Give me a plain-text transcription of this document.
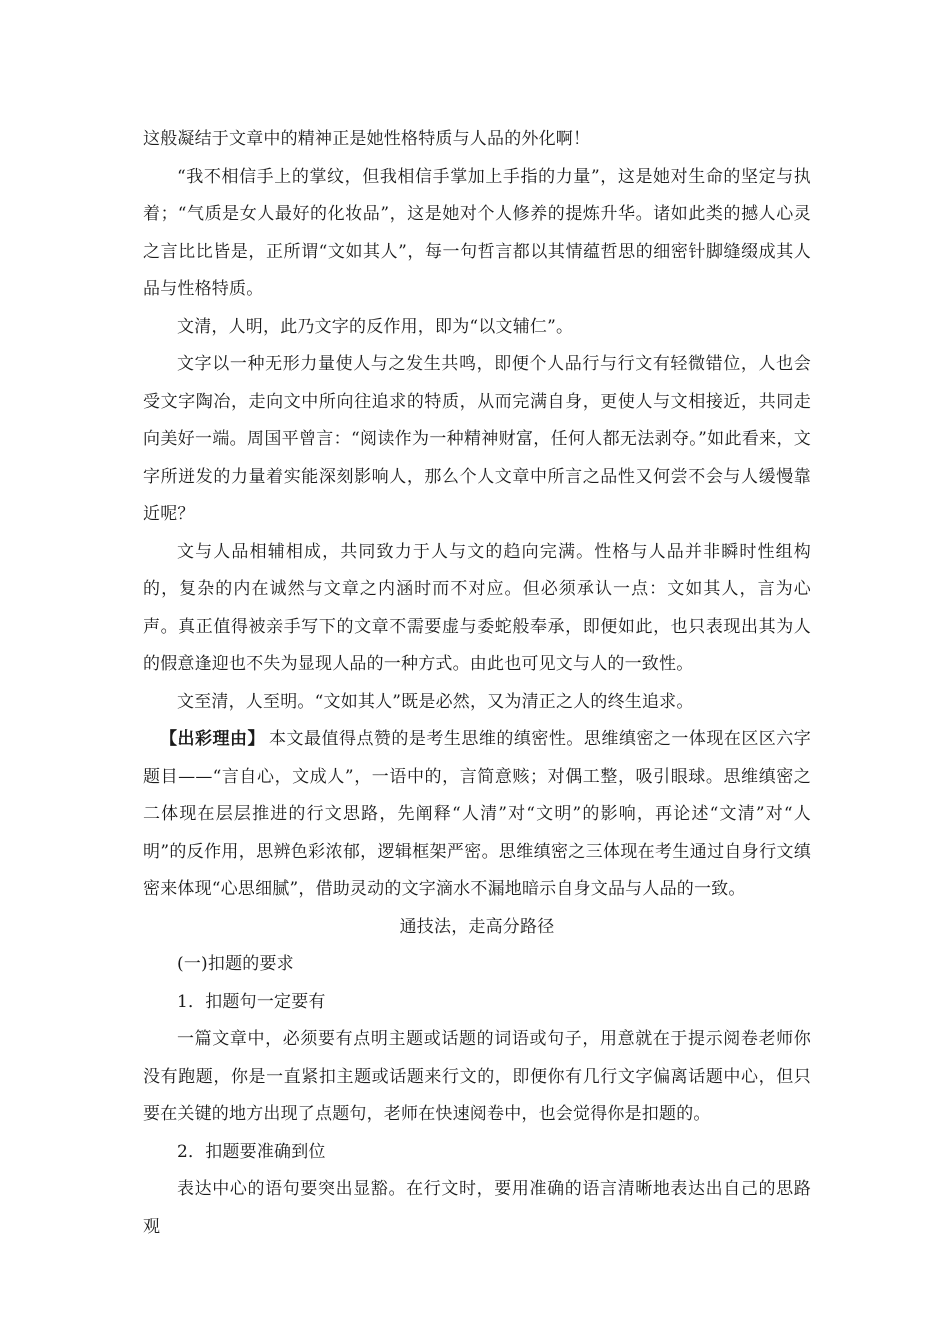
这般凝结于文章中的精神正是她性格特质与人品的外化啊！

“我不相信手上的掌纹，但我相信手掌加上手指的力量”，这是她对生命的坚定与执着；“气质是女人最好的化妆品”，这是她对个人修养的提炼升华。诸如此类的撼人心灵之言比比皆是，正所谓“文如其人”，每一句哲言都以其情蕴哲思的细密针脚缝缀成其人品与性格特质。

文清，人明，此乃文字的反作用，即为“以文辅仁”。

文字以一种无形力量使人与之发生共鸣，即便个人品行与行文有轻微错位，人也会受文字陶冶，走向文中所向往追求的特质，从而完满自身，更使人与文相接近，共同走向美好一端。周国平曾言：“阅读作为一种精神财富，任何人都无法剥夺。”如此看来，文字所迸发的力量着实能深刻影响人，那么个人文章中所言之品性又何尝不会与人缓慢靠近呢？

文与人品相辅相成，共同致力于人与文的趋向完满。性格与人品并非瞬时性组构的，复杂的内在诚然与文章之内涵时而不对应。但必须承认一点：文如其人，言为心声。真正值得被亲手写下的文章不需要虚与委蛇般奉承，即便如此，也只表现出其为人的假意逢迎也不失为显现人品的一种方式。由此也可见文与人的一致性。

文至清，人至明。“文如其人”既是必然，又为清正之人的终生追求。

【出彩理由】 本文最值得点赞的是考生思维的缜密性。思维缜密之一体现在区区六字题目——“言自心，文成人”，一语中的，言简意赅；对偶工整，吸引眼球。思维缜密之二体现在层层推进的行文思路，先阐释“人清”对“文明”的影响，再论述“文清”对“人明”的反作用，思辨色彩浓郁，逻辑框架严密。思维缜密之三体现在考生通过自身行文缜密来体现“心思细腻”，借助灵动的文字滴水不漏地暗示自身文品与人品的一致。

通技法，走高分路径

(一)扣题的要求

1．扣题句一定要有

一篇文章中，必须要有点明主题或话题的词语或句子，用意就在于提示阅卷老师你没有跑题，你是一直紧扣主题或话题来行文的，即便你有几行文字偏离话题中心，但只要在关键的地方出现了点题句，老师在快速阅卷中，也会觉得你是扣题的。

2．扣题要准确到位

表达中心的语句要突出显豁。在行文时，要用准确的语言清晰地表达出自己的思路观
